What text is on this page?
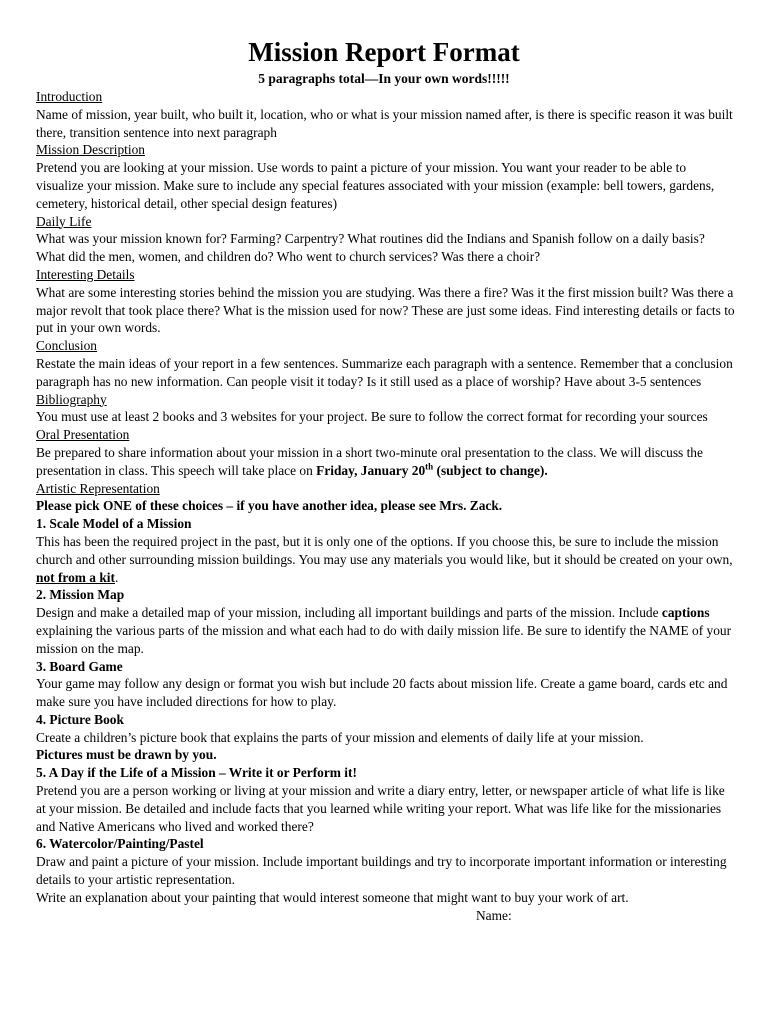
Mission Report Format
5 paragraphs total—In your own words!!!!!

Introduction

Name of mission, year built, who built it, location, who or what is your mission named after, is there is specific reason it was built there, transition sentence into next paragraph

Mission Description

Pretend you are looking at your mission. Use words to paint a picture of your mission. You want your reader to be able to visualize your mission. Make sure to include any special features associated with your mission (example: bell towers, gardens, cemetery, historical detail, other special design features)

Daily Life

What was your mission known for? Farming? Carpentry? What routines did the Indians and Spanish follow on a daily basis? What did the men, women, and children do? Who went to church services? Was there a choir?

Interesting Details

What are some interesting stories behind the mission you are studying. Was there a fire? Was it the first mission built? Was there a major revolt that took place there? What is the mission used for now? These are just some ideas. Find interesting details or facts to put in your own words.

Conclusion

Restate the main ideas of your report in a few sentences. Summarize each paragraph with a sentence. Remember that a conclusion paragraph has no new information. Can people visit it today? Is it still used as a place of worship? Have about 3-5 sentences

Bibliography

You must use at least 2 books and 3 websites for your project. Be sure to follow the correct format for recording your sources

Oral Presentation

Be prepared to share information about your mission in a short two-minute oral presentation to the class. We will discuss the presentation in class. This speech will take place on Friday, January 20th (subject to change).

Artistic Representation

Please pick ONE of these choices – if you have another idea, please see Mrs. Zack.

1. Scale Model of a Mission

This has been the required project in the past, but it is only one of the options. If you choose this, be sure to include the mission church and other surrounding mission buildings. You may use any materials you would like, but it should be created on your own, not from a kit.

2. Mission Map

Design and make a detailed map of your mission, including all important buildings and parts of the mission. Include captions explaining the various parts of the mission and what each had to do with daily mission life. Be sure to identify the NAME of your mission on the map.

3. Board Game

Your game may follow any design or format you wish but include 20 facts about mission life. Create a game board, cards etc and make sure you have included directions for how to play.

4. Picture Book

Create a children’s picture book that explains the parts of your mission and elements of daily life at your mission.

Pictures must be drawn by you.

5. A Day if the Life of a Mission – Write it or Perform it!

Pretend you are a person working or living at your mission and write a diary entry, letter, or newspaper article of what life is like at your mission. Be detailed and include facts that you learned while writing your report. What was life like for the missionaries and Native Americans who lived and worked there?

6. Watercolor/Painting/Pastel

Draw and paint a picture of your mission. Include important buildings and try to incorporate important information or interesting details to your artistic representation.

Write an explanation about your painting that would interest someone that might want to buy your work of art.

Name:
